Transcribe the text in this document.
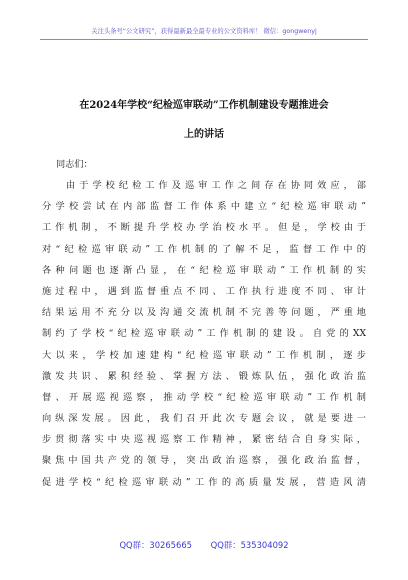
关注头条号“公文研究”，获得最新最全最专业的公文资料库！ 微信：gongwenyj
在2024年学校“纪检巡审联动”工作机制建设专题推进会
上的讲话
同志们：
由于学校纪检工作及巡审工作之间存在协同效应，部
分学校尝试在内部监督工作体系中建立“纪检巡审联动”
工作机制，不断提升学校办学治校水平。但是，学校由于
对“纪检巡审联动”工作机制的了解不足，监督工作中的
各种问题也逐渐凸显，在“纪检巡审联动”工作机制的实
施过程中，遇到监督重点不同、工作执行进度不同、审计
结果运用不充分以及沟通交流机制不完善等问题，严重地
制约了学校“纪检巡审联动”工作机制的建设。自党的XX
大以来，学校加速建构“纪检巡审联动”工作机制，逐步
激发共识、累积经验、掌握方法、锻炼队伍，强化政治监
督、开展巡视巡察，推动学校“纪检巡审联动”工作机制
向纵深发展。因此，我们召开此次专题会议，就是要进一
步贯彻落实中央巡视巡察工作精神，紧密结合自身实际，
聚焦中国共产党的领导，突出政治巡察，强化政治监督，
促进学校“纪检巡审联动”工作的高质量发展，营造风清
QQ群：30265665 QQ群：535304092
